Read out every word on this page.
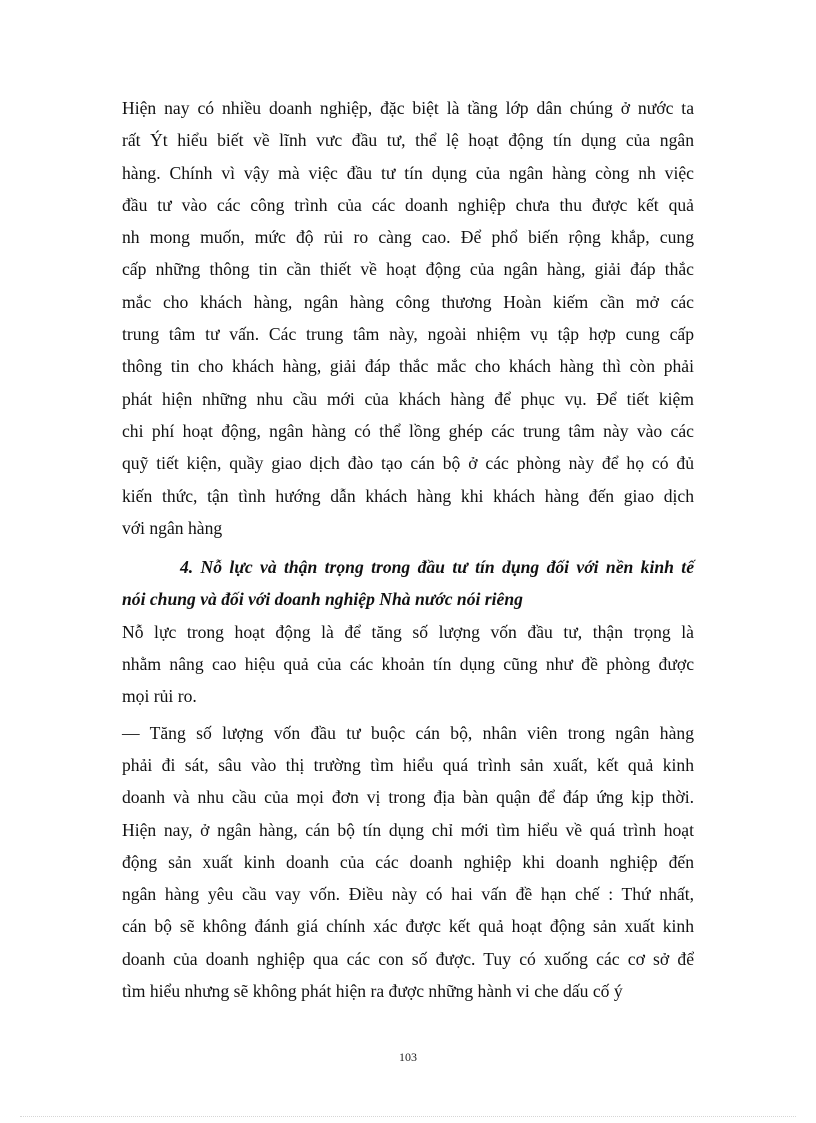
Hiện nay có nhiều doanh nghiệp, đặc biệt là tầng lớp dân chúng ở nước ta
rất Ýt hiểu biết về lĩnh vưc đầu tư, thể lệ hoạt động tín dụng của ngân
hàng. Chính vì vậy mà việc đầu tư tín dụng của ngân hàng còng nh việc
đầu tư vào các công trình của các doanh nghiệp chưa thu được kết quả
nh mong muốn, mức độ rủi ro càng cao. Để phổ biến rộng khắp, cung
cấp những thông tin cần thiết về hoạt động của ngân hàng, giải đáp thắc
mắc cho khách hàng, ngân hàng công thương Hoàn kiếm cần mở các
trung tâm tư vấn. Các trung tâm này, ngoài nhiệm vụ tập hợp cung cấp
thông tin cho khách hàng, giải đáp thắc mắc cho khách hàng thì còn phải
phát hiện những nhu cầu mới của khách hàng để phục vụ. Để tiết kiệm
chi phí hoạt động, ngân hàng có thể lồng ghép các trung tâm này vào các
quỹ tiết kiện, quầy giao dịch đào tạo cán bộ ở các phòng này để họ có đủ
kiến thức, tận tình hướng dẫn khách hàng khi khách hàng đến giao dịch
với ngân hàng
4. Nỗ lực và thận trọng trong đầu tư tín dụng đối với nền kinh tế
nói chung và đối với doanh nghiệp Nhà nước nói riêng
Nỗ lực trong hoạt động là để tăng số lượng vốn đầu tư, thận trọng là
nhằm nâng cao hiệu quả của các khoản tín dụng cũng như đề phòng được
mọi rủi ro.
— Tăng số lượng vốn đầu tư buộc cán bộ, nhân viên trong ngân hàng
phải đi sát, sâu vào thị trường tìm hiểu quá trình sản xuất, kết quả kinh
doanh và nhu cầu của mọi đơn vị trong địa bàn quận để đáp ứng kịp thời.
Hiện nay, ở ngân hàng, cán bộ tín dụng chỉ mới tìm hiểu về quá trình hoạt
động sản xuất kinh doanh của các doanh nghiệp khi doanh nghiệp đến
ngân hàng yêu cầu vay vốn. Điều này có hai vấn đề hạn chế : Thứ nhất,
cán bộ sẽ không đánh giá chính xác được kết quả hoạt động sản xuất kinh
doanh của doanh nghiệp qua các con số được. Tuy có xuống các cơ sở để
tìm hiểu nhưng sẽ không phát hiện ra được những hành vi che dấu cố ý
103
